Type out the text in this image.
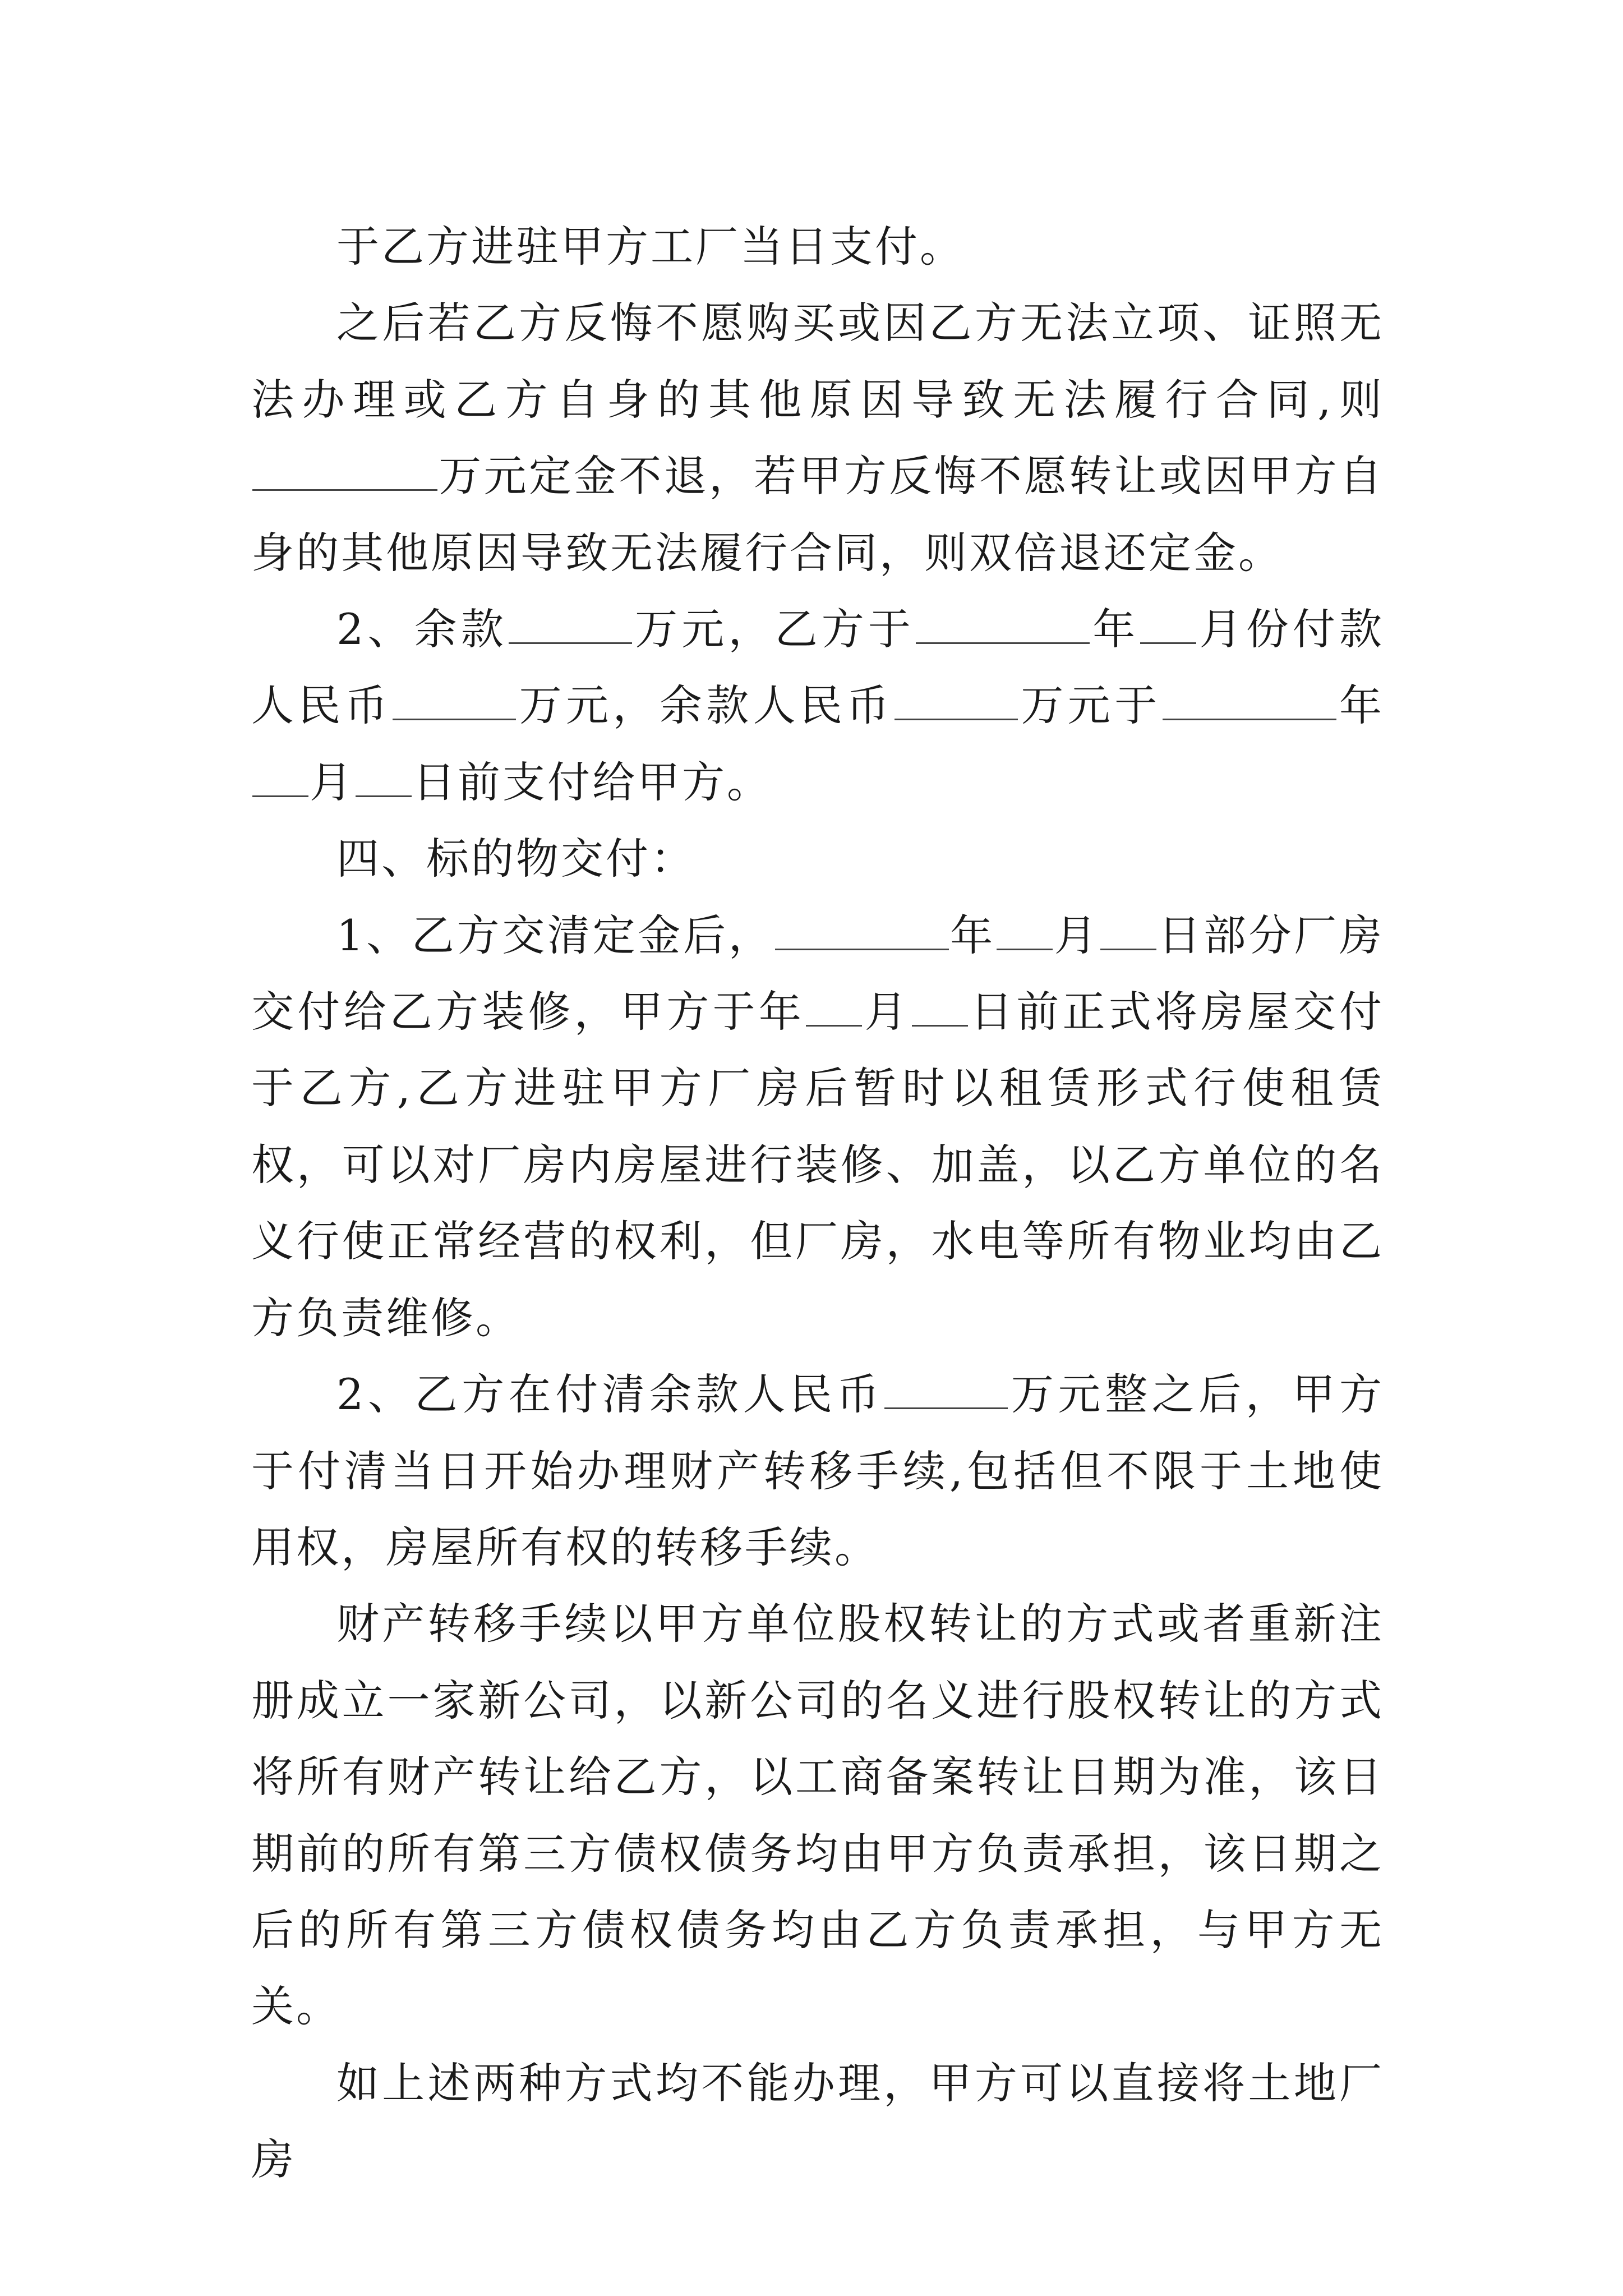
于乙方进驻甲方工厂当日支付。

之后若乙方反悔不愿购买或因乙方无法立项、证照无法办理或乙方自身的其他原因导致无法履行合同,则万元定金不退，若甲方反悔不愿转让或因甲方自身的其他原因导致无法履行合同，则双倍退还定金。

2、余款	万元，乙方于	年 月份付款人民币	万元，余款人民币	万元于	年月 日前支付给甲方。

四、标的物交付：

1、乙方交清定金后，	年 月 日部分厂房交付给乙方装修，甲方于年 月 日前正式将房屋交付于乙方,乙方进驻甲方厂房后暂时以租赁形式行使租赁权，可以对厂房内房屋进行装修、加盖，以乙方单位的名义行使正常经营的权利，但厂房，水电等所有物业均由乙方负责维修。

2、乙方在付清余款人民币	万元整之后，甲方于付清当日开始办理财产转移手续,包括但不限于土地使用权，房屋所有权的转移手续。

财产转移手续以甲方单位股权转让的方式或者重新注册成立一家新公司，以新公司的名义进行股权转让的方式将所有财产转让给乙方，以工商备案转让日期为准，该日期前的所有第三方债权债务均由甲方负责承担，该日期之后的所有第三方债权债务均由乙方负责承担，与甲方无关。

如上述两种方式均不能办理，甲方可以直接将土地厂房
